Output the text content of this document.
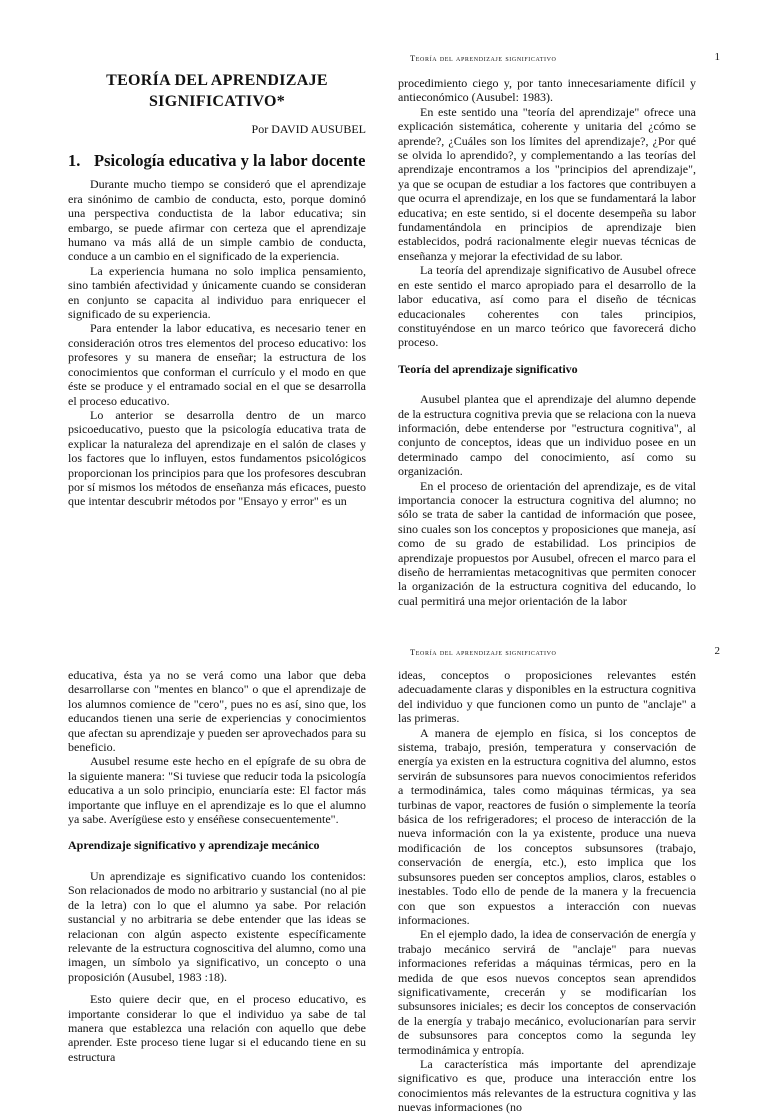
Teoría del aprendizaje significativo	1
TEORÍA DEL APRENDIZAJE SIGNIFICATIVO*
Por DAVID AUSUBEL
1. Psicología educativa y la labor docente

Durante mucho tiempo se consideró que el aprendizaje era sinónimo de cambio de conducta, esto, porque dominó una perspectiva conductista de la labor educativa; sin embargo, se puede afirmar con certeza que el aprendizaje humano va más allá de un simple cambio de conducta, conduce a un cambio en el significado de la experiencia.

La experiencia humana no solo implica pensamiento, sino también afectividad y únicamente cuando se consideran en conjunto se capacita al individuo para enriquecer el significado de su experiencia.

Para entender la labor educativa, es necesario tener en consideración otros tres elementos del proceso educativo: los profesores y su manera de enseñar; la estructura de los conocimientos que conforman el currículo y el modo en que éste se produce y el entramado social en el que se desarrolla el proceso educativo.

Lo anterior se desarrolla dentro de un marco psicoeducativo, puesto que la psicología educativa trata de explicar la naturaleza del aprendizaje en el salón de clases y los factores que lo influyen, estos fundamentos psicológicos proporcionan los principios para que los profesores descubran por sí mismos los métodos de enseñanza más eficaces, puesto que intentar descubrir métodos por "Ensayo y error" es un

procedimiento ciego y, por tanto innecesariamente difícil y antieconómico (Ausubel: 1983).

En este sentido una "teoría del aprendizaje" ofrece una explicación sistemática, coherente y unitaria del ¿cómo se aprende?, ¿Cuáles son los límites del aprendizaje?, ¿Por qué se olvida lo aprendido?, y complementando a las teorías del aprendizaje encontramos a los "principios del aprendizaje", ya que se ocupan de estudiar a los factores que contribuyen a que ocurra el aprendizaje, en los que se fundamentará la labor educativa; en este sentido, si el docente desempeña su labor fundamentándola en principios de aprendizaje bien establecidos, podrá racionalmente elegir nuevas técnicas de enseñanza y mejorar la efectividad de su labor.

La teoría del aprendizaje significativo de Ausubel ofrece en este sentido el marco apropiado para el desarrollo de la labor educativa, así como para el diseño de técnicas educacionales coherentes con tales principios, constituyéndose en un marco teórico que favorecerá dicho proceso.

Teoría del aprendizaje significativo

Ausubel plantea que el aprendizaje del alumno depende de la estructura cognitiva previa que se relaciona con la nueva información, debe entenderse por "estructura cognitiva", al conjunto de conceptos, ideas que un individuo posee en un determinado campo del conocimiento, así como su organización.

En el proceso de orientación del aprendizaje, es de vital importancia conocer la estructura cognitiva del alumno; no sólo se trata de saber la cantidad de información que posee, sino cuales son los conceptos y proposiciones que maneja, así como de su grado de estabilidad. Los principios de aprendizaje propuestos por Ausubel, ofrecen el marco para el diseño de herramientas metacognitivas que permiten conocer la organización de la estructura cognitiva del educando, lo cual permitirá una mejor orientación de la labor

Teoría del aprendizaje significativo	2

educativa, ésta ya no se verá como una labor que deba desarrollarse con "mentes en blanco" o que el aprendizaje de los alumnos comience de "cero", pues no es así, sino que, los educandos tienen una serie de experiencias y conocimientos que afectan su aprendizaje y pueden ser aprovechados para su beneficio.

Ausubel resume este hecho en el epígrafe de su obra de la siguiente manera: "Si tuviese que reducir toda la psicología educativa a un solo principio, enunciaría este: El factor más importante que influye en el aprendizaje es lo que el alumno ya sabe. Averígüese esto y enséñese consecuentemente".

Aprendizaje significativo y aprendizaje mecánico

Un aprendizaje es significativo cuando los contenidos: Son relacionados de modo no arbitrario y sustancial (no al pie de la letra) con lo que el alumno ya sabe. Por relación sustancial y no arbitraria se debe entender que las ideas se relacionan con algún aspecto existente específicamente relevante de la estructura cognoscitiva del alumno, como una imagen, un símbolo ya significativo, un concepto o una proposición (Ausubel, 1983 :18).

Esto quiere decir que, en el proceso educativo, es importante considerar lo que el individuo ya sabe de tal manera que establezca una relación con aquello que debe aprender. Este proceso tiene lugar si el educando tiene en su estructura

ideas, conceptos o proposiciones relevantes estén adecuadamente claras y disponibles en la estructura cognitiva del individuo y que funcionen como un punto de "anclaje" a las primeras.

A manera de ejemplo en física, si los conceptos de sistema, trabajo, presión, temperatura y conservación de energía ya existen en la estructura cognitiva del alumno, estos servirán de subsunsores para nuevos conocimientos referidos a termodinámica, tales como máquinas térmicas, ya sea turbinas de vapor, reactores de fusión o simplemente la teoría básica de los refrigeradores; el proceso de interacción de la nueva información con la ya existente, produce una nueva modificación de los conceptos subsunsores (trabajo, conservación de energía, etc.), esto implica que los subsunsores pueden ser conceptos amplios, claros, estables o inestables. Todo ello de pende de la manera y la frecuencia con que son expuestos a interacción con nuevas informaciones.

En el ejemplo dado, la idea de conservación de energía y trabajo mecánico servirá de "anclaje" para nuevas informaciones referidas a máquinas térmicas, pero en la medida de que esos nuevos conceptos sean aprendidos significativamente, crecerán y se modificarían los subsunsores iniciales; es decir los conceptos de conservación de la energía y trabajo mecánico, evolucionarían para servir de subsunsores para conceptos como la segunda ley termodinámica y entropía.

La característica más importante del aprendizaje significativo es que, produce una interacción entre los conocimientos más relevantes de la estructura cognitiva y las nuevas informaciones (no
